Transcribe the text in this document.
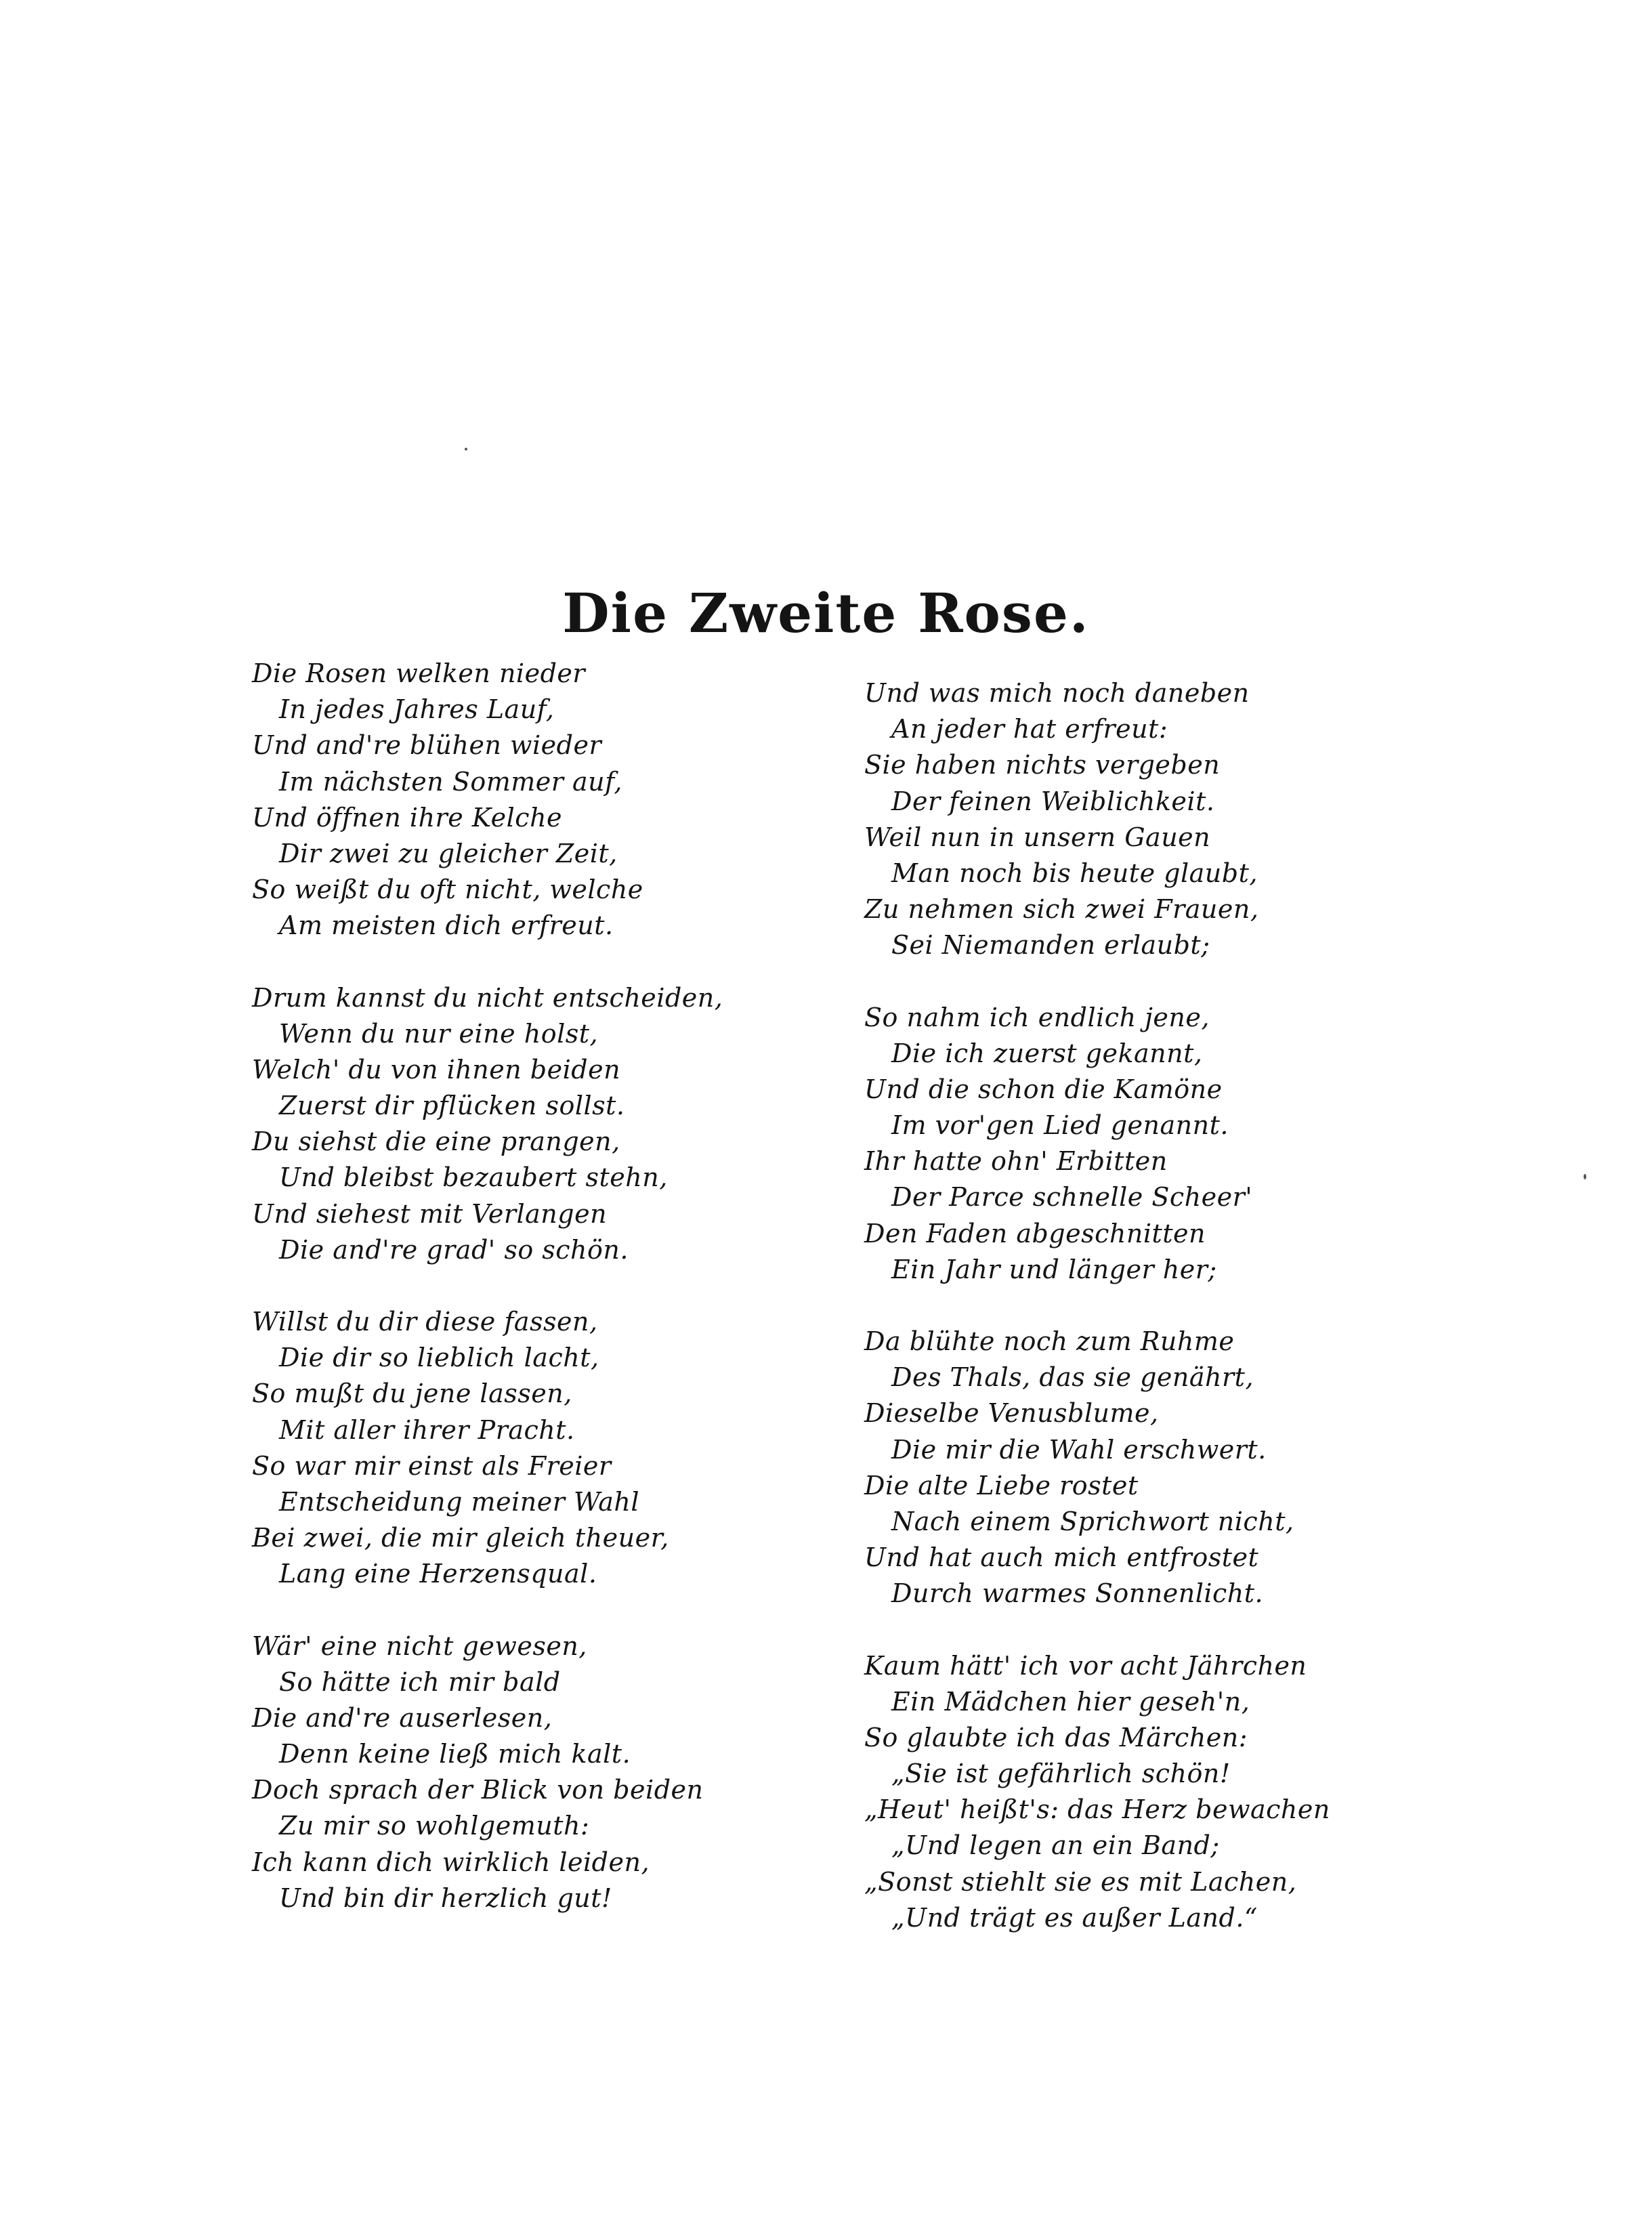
Die Zweite Rose.
Die Rosen welken nieder
In jedes Jahres Lauf,
Und and're blühen wieder
Im nächsten Sommer auf,
Und öffnen ihre Kelche
Dir zwei zu gleicher Zeit,
So weißt du oft nicht, welche
Am meisten dich erfreut.
Drum kannst du nicht entscheiden,
Wenn du nur eine holst,
Welch' du von ihnen beiden
Zuerst dir pflücken sollst.
Du siehst die eine prangen,
Und bleibst bezaubert stehn,
Und siehest mit Verlangen
Die and're grad' so schön.
Willst du dir diese fassen,
Die dir so lieblich lacht,
So mußt du jene lassen,
Mit aller ihrer Pracht.
So war mir einst als Freier
Entscheidung meiner Wahl
Bei zwei, die mir gleich theuer,
Lang eine Herzensqual.
Wär' eine nicht gewesen,
So hätte ich mir bald
Die and're auserlesen,
Denn keine ließ mich kalt.
Doch sprach der Blick von beiden
Zu mir so wohlgemuth:
Ich kann dich wirklich leiden,
Und bin dir herzlich gut!
Und was mich noch daneben
An jeder hat erfreut:
Sie haben nichts vergeben
Der feinen Weiblichkeit.
Weil nun in unsern Gauen
Man noch bis heute glaubt,
Zu nehmen sich zwei Frauen,
Sei Niemanden erlaubt;
So nahm ich endlich jene,
Die ich zuerst gekannt,
Und die schon die Kamöne
Im vor'gen Lied genannt.
Ihr hatte ohn' Erbitten
Der Parce schnelle Scheer'
Den Faden abgeschnitten
Ein Jahr und länger her;
Da blühte noch zum Ruhme
Des Thals, das sie genährt,
Dieselbe Venusblume,
Die mir die Wahl erschwert.
Die alte Liebe rostet
Nach einem Sprichwort nicht,
Und hat auch mich entfrostet
Durch warmes Sonnenlicht.
Kaum hätt' ich vor acht Jährchen
Ein Mädchen hier geseh'n,
So glaubte ich das Märchen:
„Sie ist gefährlich schön!
„Heut' heißt's: das Herz bewachen
„Und legen an ein Band;
„Sonst stiehlt sie es mit Lachen,
„Und trägt es außer Land.“
